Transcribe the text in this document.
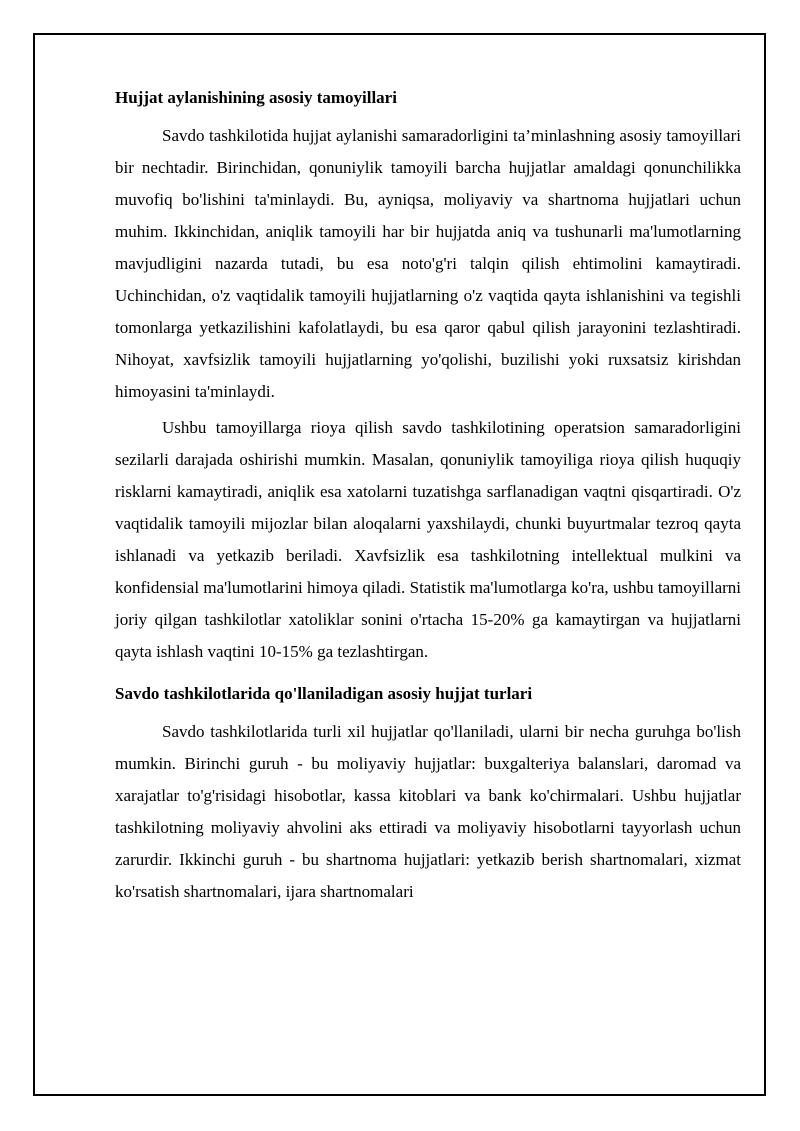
Hujjat aylanishining asosiy tamoyillari

Savdo tashkilotida hujjat aylanishi samaradorligini ta’minlashning asosiy tamoyillari bir nechtadir. Birinchidan, qonuniylik tamoyili barcha hujjatlar amaldagi qonunchilikka muvofiq bo'lishini ta'minlaydi. Bu, ayniqsa, moliyaviy va shartnoma hujjatlari uchun muhim. Ikkinchidan, aniqlik tamoyili har bir hujjatda aniq va tushunarli ma'lumotlarning mavjudligini nazarda tutadi, bu esa noto'g'ri talqin qilish ehtimolini kamaytiradi. Uchinchidan, o'z vaqtidalik tamoyili hujjatlarning o'z vaqtida qayta ishlanishini va tegishli tomonlarga yetkazilishini kafolatlaydi, bu esa qaror qabul qilish jarayonini tezlashtiradi. Nihoyat, xavfsizlik tamoyili hujjatlarning yo'qolishi, buzilishi yoki ruxsatsiz kirishdan himoyasini ta'minlaydi.

Ushbu tamoyillarga rioya qilish savdo tashkilotining operatsion samaradorligini sezilarli darajada oshirishi mumkin. Masalan, qonuniylik tamoyiliga rioya qilish huquqiy risklarni kamaytiradi, aniqlik esa xatolarni tuzatishga sarflanadigan vaqtni qisqartiradi. O'z vaqtidalik tamoyili mijozlar bilan aloqalarni yaxshilaydi, chunki buyurtmalar tezroq qayta ishlanadi va yetkazib beriladi. Xavfsizlik esa tashkilotning intellektual mulkini va konfidensial ma'lumotlarini himoya qiladi. Statistik ma'lumotlarga ko'ra, ushbu tamoyillarni joriy qilgan tashkilotlar xatoliklar sonini o'rtacha 15-20% ga kamaytirgan va hujjatlarni qayta ishlash vaqtini 10-15% ga tezlashtirgan.

Savdo tashkilotlarida qo'llaniladigan asosiy hujjat turlari

Savdo tashkilotlarida turli xil hujjatlar qo'llaniladi, ularni bir necha guruhga bo'lish mumkin. Birinchi guruh - bu moliyaviy hujjatlar: buxgalteriya balanslari, daromad va xarajatlar to'g'risidagi hisobotlar, kassa kitoblari va bank ko'chirmalari. Ushbu hujjatlar tashkilotning moliyaviy ahvolini aks ettiradi va moliyaviy hisobotlarni tayyorlash uchun zarurdir. Ikkinchi guruh - bu shartnoma hujjatlari: yetkazib berish shartnomalari, xizmat ko'rsatish shartnomalari, ijara shartnomalari
